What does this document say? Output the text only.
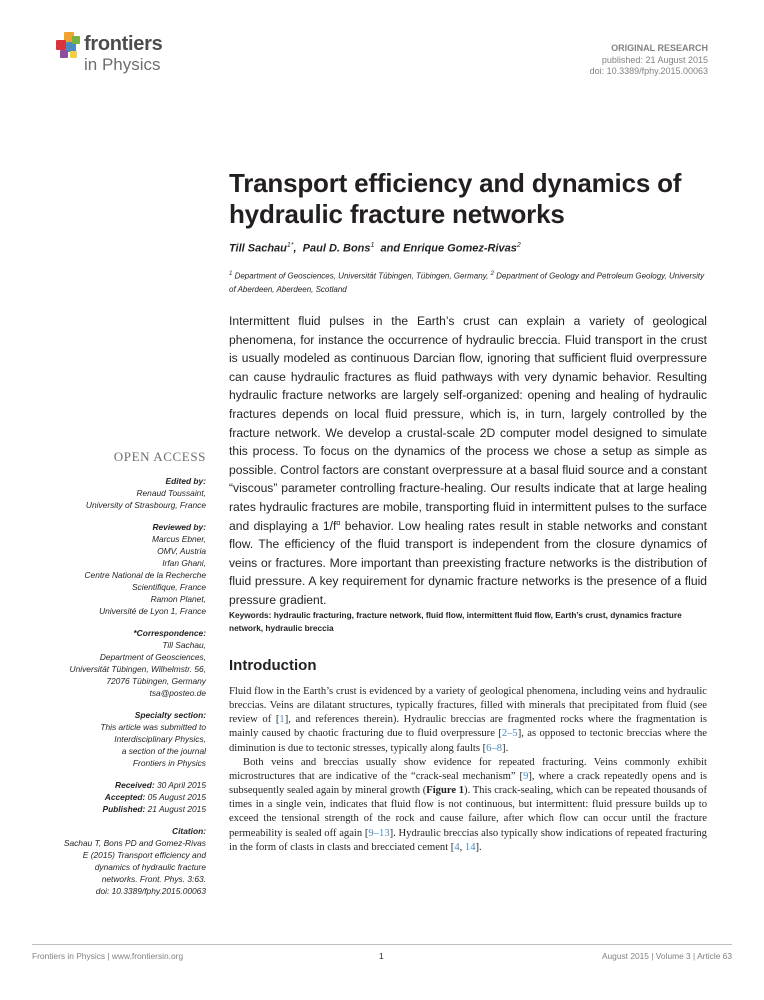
frontiers
in Physics
ORIGINAL RESEARCH
published: 21 August 2015
doi: 10.3389/fphy.2015.00063
Transport efficiency and dynamics of
hydraulic fracture networks
Till Sachau$^{1*}$,  Paul D. Bons$^1$ and Enrique Gomez-Rivas$^2$
$^1$ Department of Geosciences, Universität Tübingen, Tübingen, Germany, $^2$ Department of Geology and Petroleum Geology, University of Aberdeen, Aberdeen, Scotland
Intermittent fluid pulses in the Earth’s crust can explain a variety of geological phenomena, for instance the occurrence of hydraulic breccia. Fluid transport in the crust is usually modeled as continuous Darcian flow, ignoring that sufficient fluid overpressure can cause hydraulic fractures as fluid pathways with very dynamic behavior. Resulting hydraulic fracture networks are largely self-organized: opening and healing of hydraulic fractures depends on local fluid pressure, which is, in turn, largely controlled by the fracture network. We develop a crustal-scale 2D computer model designed to simulate this process. To focus on the dynamics of the process we chose a setup as simple as possible. Control factors are constant overpressure at a basal fluid source and a constant “viscous” parameter controlling fracture-healing. Our results indicate that at large healing rates hydraulic fractures are mobile, transporting fluid in intermittent pulses to the surface and displaying a $1/f^\alpha$ behavior. Low healing rates result in stable networks and constant flow. The efficiency of the fluid transport is independent from the closure dynamics of veins or fractures. More important than preexisting fracture networks is the distribution of fluid pressure. A key requirement for dynamic fracture networks is the presence of a fluid pressure gradient.
Keywords: hydraulic fracturing, fracture network, fluid flow, intermittent fluid flow, Earth’s crust, dynamics fracture network, hydraulic breccia
Introduction

Fluid flow in the Earth’s crust is evidenced by a variety of geological phenomena, including veins and hydraulic breccias. Veins are dilatant structures, typically fractures, filled with minerals that precipitated from fluid (see review of [1], and references therein). Hydraulic breccias are fragmented rocks where the fragmentation is mainly caused by chaotic fracturing due to fluid overpressure [2–5], as opposed to tectonic breccias where the diminution is due to tectonic stresses, typically along faults [6–8].

Both veins and breccias usually show evidence for repeated fracturing. Veins commonly exhibit microstructures that are indicative of the “crack-seal mechanism” [9], where a crack repeatedly opens and is subsequently sealed again by mineral growth (Figure 1). This crack-sealing, which can be repeated thousands of times in a single vein, indicates that fluid flow is not continuous, but intermittent: fluid pressure builds up to exceed the tensional strength of the rock and cause failure, after which flow can occur until the fracture permeability is sealed off again [9–13]. Hydraulic breccias also typically show indications of repeated fracturing in the form of clasts in clasts and brecciated cement [4, 14].

OPEN ACCESS
Edited by:
Renaud Toussaint,
University of Strasbourg, France
Reviewed by:
Marcus Ebner,
OMV, Austria
Irfan Ghani,
Centre National de la Recherche
Scientifique, France
Ramon Planet,
Université de Lyon 1, France
*Correspondence:
Till Sachau,
Department of Geosciences,
Universität Tübingen, Wilhelmstr. 56,
72076 Tübingen, Germany
tsa@posteo.de
Specialty section:
This article was submitted to
Interdisciplinary Physics,
a section of the journal
Frontiers in Physics
Received: 30 April 2015
Accepted: 05 August 2015
Published: 21 August 2015
Citation:
Sachau T, Bons PD and Gomez-Rivas
E (2015) Transport efficiency and
dynamics of hydraulic fracture
networks. Front. Phys. 3:63.
doi: 10.3389/fphy.2015.00063
Frontiers in Physics | www.frontiersin.org	1	August 2015 | Volume 3 | Article 63
